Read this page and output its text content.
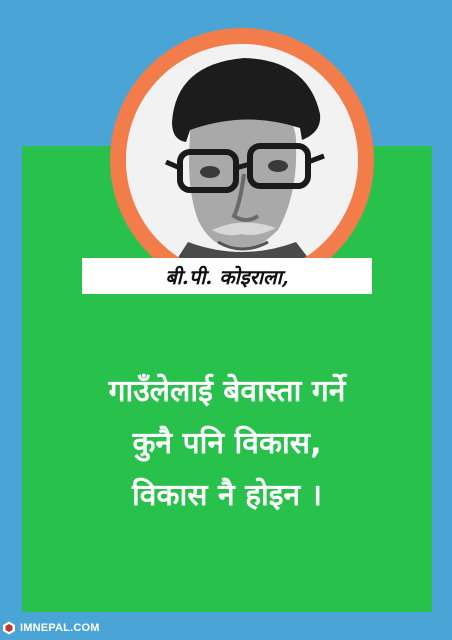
बी.पी. कोइराला,
गाउँलेलाई बेवास्ता गर्ने
कुनै पनि विकास,
विकास नै होइन ।
IMNEPAL.COM
